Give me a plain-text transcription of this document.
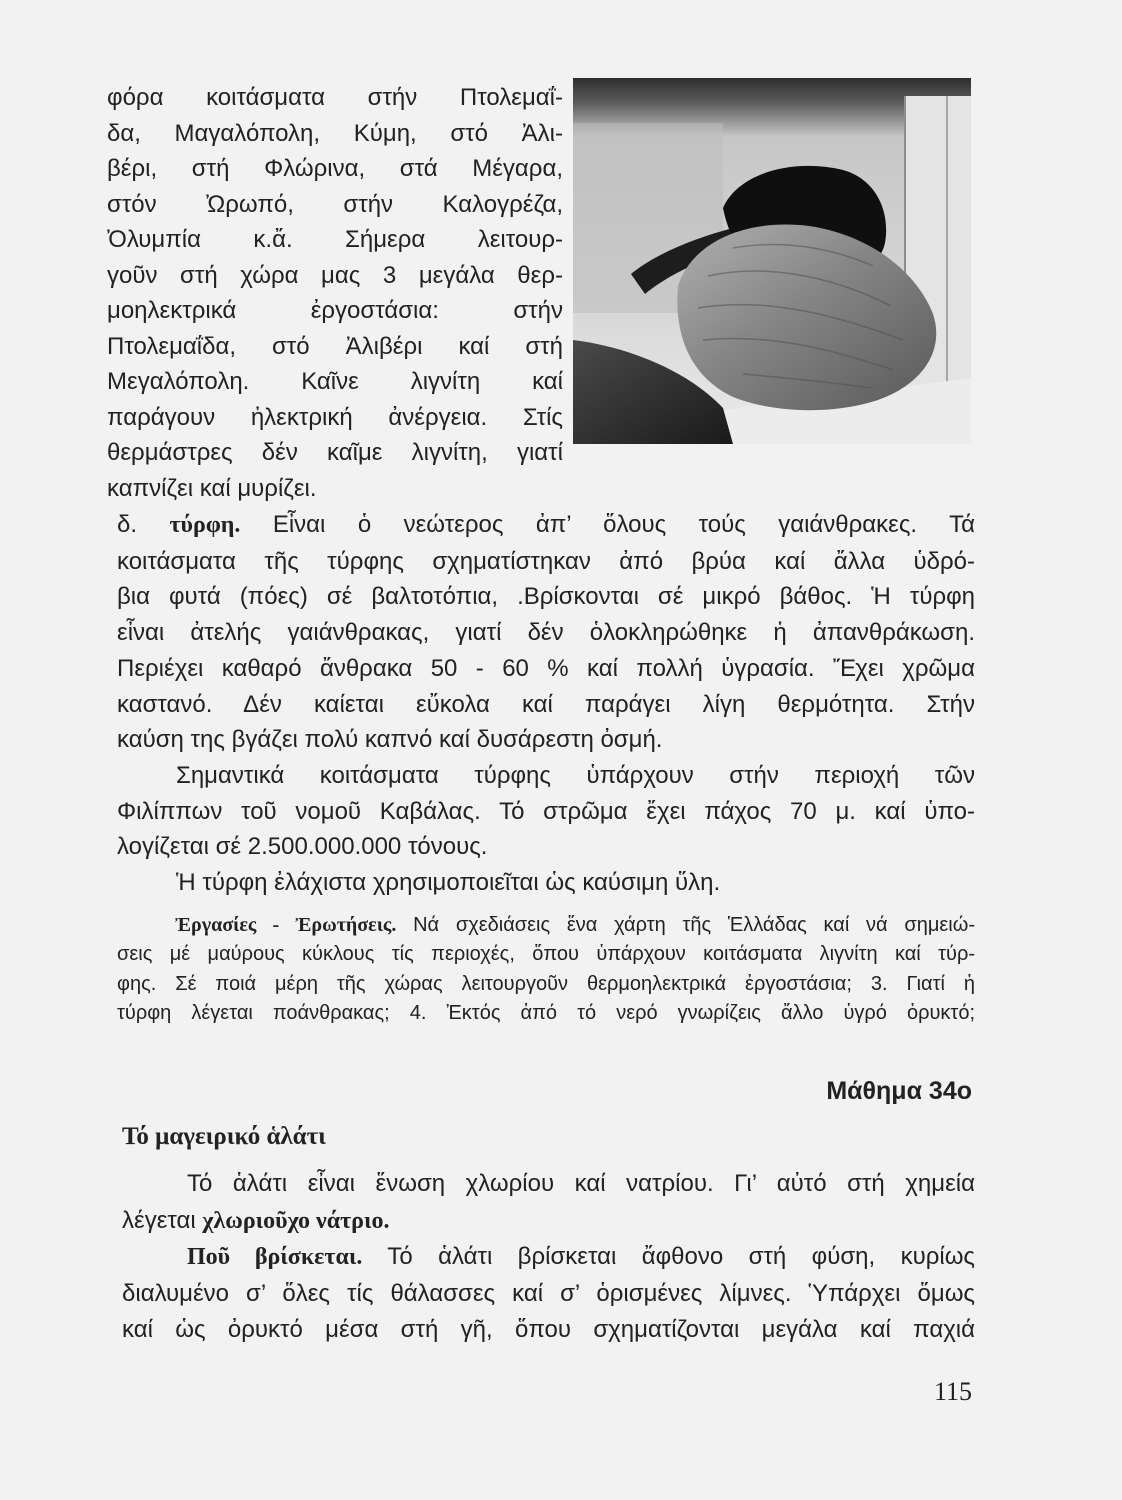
φόρα κοιτάσματα στήν Πτολεμαΐ-
δα, Μαγαλόπολη, Κύμη, στό Ἀλι-
βέρι, στή Φλώρινα, στά Μέγαρα,
στόν Ὠρωπό, στήν Καλογρέζα,
Ὀλυμπία κ.ἄ. Σήμερα λειτουρ-
γοῦν στή χώρα μας 3 μεγάλα θερ-
μοηλεκτρικά ἐργοστάσια: στήν
Πτολεμαΐδα, στό Ἀλιβέρι καί στή
Μεγαλόπολη. Καῖνε λιγνίτη καί
παράγουν ἠλεκτρική ἀνέργεια. Στίς
θερμάστρες δέν καῖμε λιγνίτη, γιατί
καπνίζει καί μυρίζει.
δ. τύρφη. Εἶναι ὁ νεώτερος ἀπ’ ὅλους τούς γαιάνθρακες. Τά
κοιτάσματα τῆς τύρφης σχηματίστηκαν ἀπό βρύα καί ἄλλα ὑδρό-
βια φυτά (πόες) σέ βαλτοτόπια, .Βρίσκονται σέ μικρό βάθος. Ἡ τύρφη
εἶναι ἀτελής γαιάνθρακας, γιατί δέν ὁλοκληρώθηκε ἡ ἀπανθράκωση.
Περιέχει καθαρό ἄνθρακα 50 - 60 % καί πολλή ὑγρασία. Ἔχει χρῶμα
καστανό. Δέν καίεται εὔκολα καί παράγει λίγη θερμότητα. Στήν
καύση της βγάζει πολύ καπνό καί δυσάρεστη ὀσμή.
Σημαντικά κοιτάσματα τύρφης ὑπάρχουν στήν περιοχή τῶν
Φιλίππων τοῦ νομοῦ Καβάλας. Τό στρῶμα ἔχει πάχος 70 μ. καί ὑπο-
λογίζεται σέ 2.500.000.000 τόνους.
Ἡ τύρφη ἐλάχιστα χρησιμοποιεῖται ὡς καύσιμη ὕλη.
Ἐργασίες - Ἐρωτήσεις. Νά σχεδιάσεις ἕνα χάρτη τῆς Ἑλλάδας καί νά σημειώ-
σεις μέ μαύρους κύκλους τίς περιοχές, ὅπου ὑπάρχουν κοιτάσματα λιγνίτη καί τύρ-
φης. Σέ ποιά μέρη τῆς χώρας λειτουργοῦν θερμοηλεκτρικά ἐργοστάσια; 3. Γιατί ἡ
τύρφη λέγεται ποάνθρακας; 4. Ἐκτός ἀπό τό νερό γνωρίζεις ἄλλο ὑγρό ὀρυκτό;
Μάθημα 34ο
Τό μαγειρικό ἁλάτι
Τό ἁλάτι εἶναι ἕνωση χλωρίου καί νατρίου. Γι’ αὐτό στή χημεία
λέγεται χλωριοῦχο νάτριο.
Ποῦ βρίσκεται. Τό ἁλάτι βρίσκεται ἄφθονο στή φύση, κυρίως
διαλυμένο σ’ ὅλες τίς θάλασσες καί σ’ ὁρισμένες λίμνες. Ὑπάρχει ὅμως
καί ὡς ὀρυκτό μέσα στή γῆ, ὅπου σχηματίζονται μεγάλα καί παχιά
115
